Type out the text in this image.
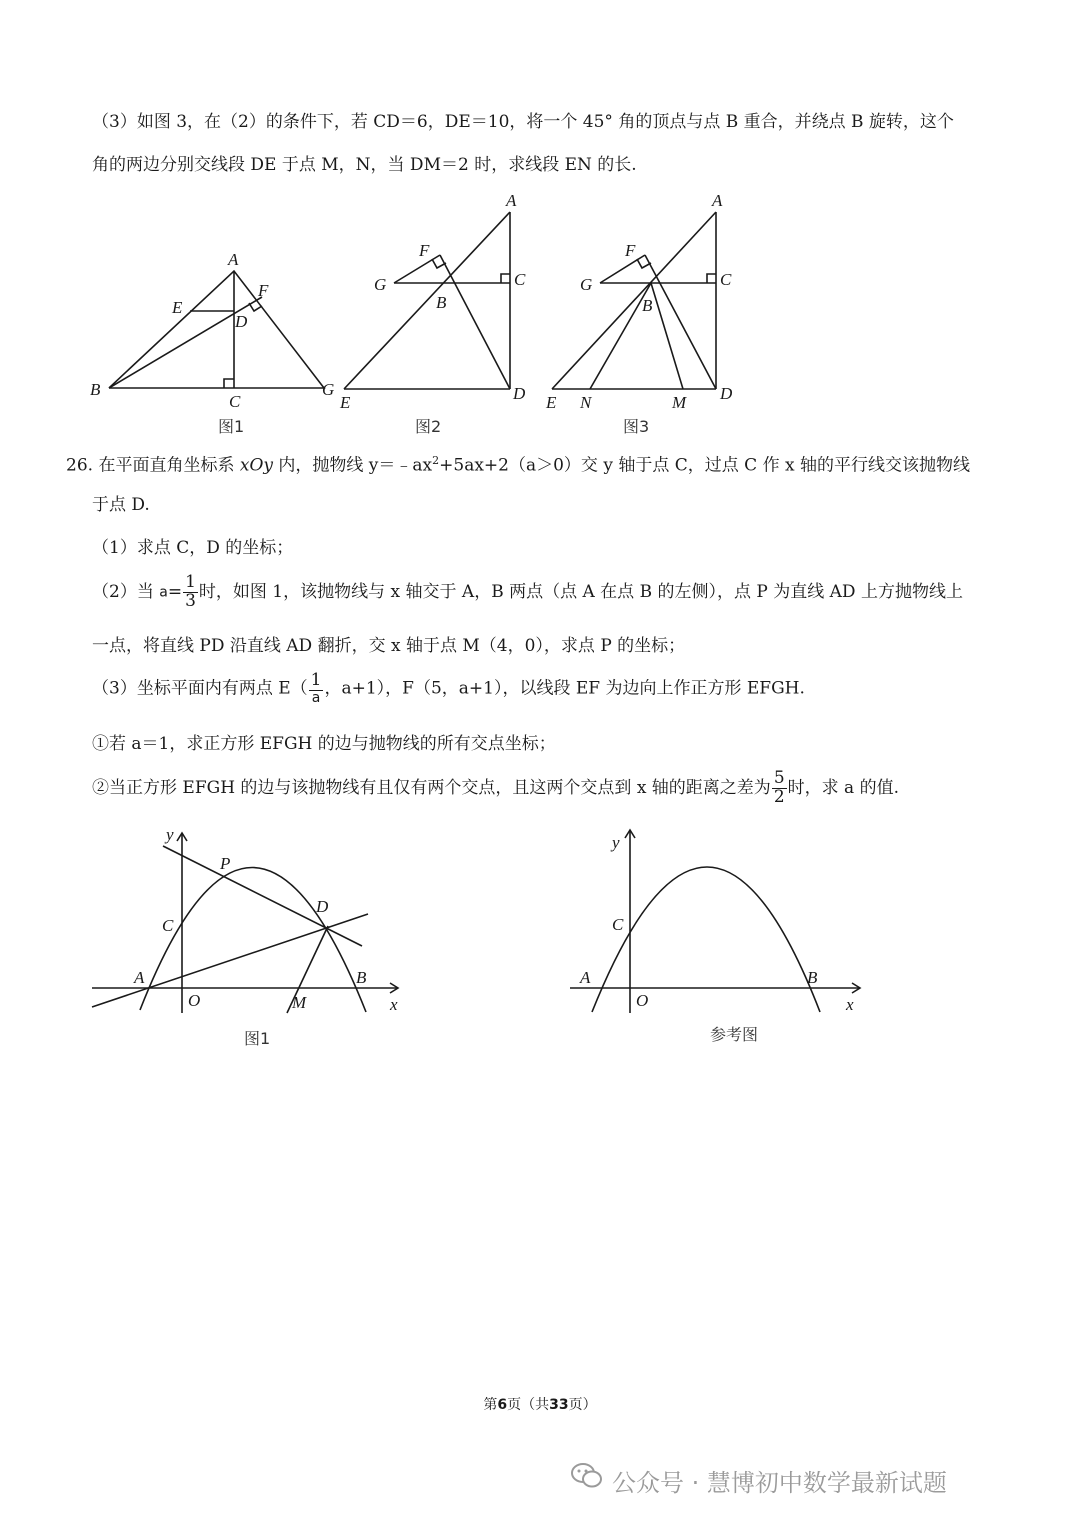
（3）如图 3，在（2）的条件下，若 CD＝6，DE＝10，将一个 45° 角的顶点与点 B 重合，并绕点 B 旋转，这个
角的两边分别交线段 DE 于点 M，N，当 DM＝2 时，求线段 EN 的长.
A
B
C
D
E
F
G
图1
A
B
C
D
E
F
G
图2
A
B
C
D
E
F
G
M
N
图3
26. 在平面直角坐标系 xOy 内，抛物线 $y=﹣ax^2+5ax+2(a>0)$交 y 轴于点 C，过点 C 作 x 轴的平行线交该抛物线
于点 D.
（1）求点 C，D 的坐标；
（2）当 $a= \frac{1}{3}$ 时，如图 1，该抛物线与 x 轴交于 A，B 两点（点 A 在点 B 的左侧），点 P 为直线 AD 上方抛物线上
一点，将直线 PD 沿直线 AD 翻折，交 x 轴于点 M（4，0），求点 P 的坐标；
（3）坐标平面内有两点 $E( \frac{1}{a}$ ，a+1），F（5，a+1），以线段 EF 为边向上作正方形 EFGH.
①若 a＝1，求正方形 EFGH 的边与抛物线的所有交点坐标；
②当正方形 EFGH 的边与该抛物线有且仅有两个交点，且这两个交点到 x 轴的距离之差为 $\frac{5}{2}$ 时，求 a 的值.
y
x
O
A	B
C
D
P
M
图1
y
x
O
A	B
C
参考图
第6页（共33页）
公众号 · 慧博初中数学最新试题
